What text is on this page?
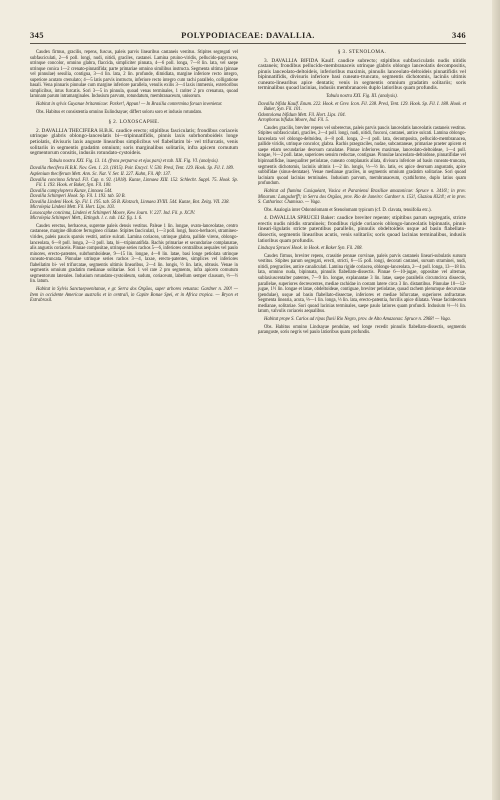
345	POLYPODIACEAE: DAVALLIA.	346

Caudex firmus, gracilis, repens, fuscus, paleis parvis linearibus castaneis vestitus. Stipites segregati vel subfasciculati, 2—6 poll. longi, nudi, nitidi, graciles, castanei. Lamina pruino-viridis, pellucido-papyracea, utrinque concolor, omnino glabra, flaccida, simpliciter pinnata, 4—6 poll. longa, 7—8 lin. lata, vel saepe utrinque conica 1—2 crenato-pinnatifida; parte primariae omnino similibus instructa. Segmenta ultima (pinnae vel pinnulae) sessilia, contigua, 3—4 lin. lata, 2 lin. profunde, dimidiata, margine inferiore recto integro, superiore acutato crenulato; 4—5 latis parvis instructo, inferiore recto integro cum rachi parallelo, colligatione basali. Vena pinnaris pinnulae cum margine inferiore parallela, venulis exilis 3—4 laxis immersis, exterioribus simplicibus, intus furcatis. Sori 3—5 in pinnula, quoad venas terminales, 1 rariter 2 pro crenatura, quoad laminam parum intramarginales. Indusium parvum, rotundatum, membranaceum, unisorum.

Habitat in sylvis Guyanae britannicae: Parker!, Appun! — In Brasilia conterminа forsan invenietur.

Obs. Habitus et consistentia omnino Eulindsayae; differt soloru soro et indusio rotundato.

§ 2. LOXOSCAPHE.

2. DAVALLIA THECIFERA H.B.K. caudice erecto; stipitibus fasciculatis; frondibus coriaceis utrinque glabris oblongo-lanceolatis bi—tripinnatifidis, pinnis laxis subrhomboideis longe petiolatis, divisuris laxis anguste linearibus simplicibus vel flabellatim bi- vel trifurcatis, venis solitariis in segmentis gradatim omnium; soris marginalibus solitariis, infra apicem cornutum segmentorum consitis, indusiis rotundato-cystoideis.

Tabula nostra XXI. Fig. 13. 14. (frons perparva et ejus pars) et tab. XII. Fig. VI. (analysis).

Davallia thecifera H.B.K. Nov. Gen. 1. 23. (1815). Poir. Encycl. V. 530. Presl, Tent. 129. Hook. Sp. Fil. I. 189.

Asplenium theciferum Mett. Ann. Sc. Nat. V. Ser. II. 227. Kuhn, Fil. Afr. 137.

Davallia concinna Schrad. Fil. Cap. n. 92. (1818). Kunze, Linnaea XIII. 152. Schlecht. Suppl. 75. Hook. Sp. Fil. I. 193. Hook. et Baker, Syn. Fil. 100.

Davallia campyloptera Kunze, Linnaea 544.

Davallia Schimperi Hook. Sp. Fil. I. 193. tab. 50 B.

Davallia Lindeni Hook. Sp. Fil. I. 195. tab. 56 B. Klotzsch, Linnaea XVIII. 544. Kunze, Bot. Zeitg. VII. 238.

Microlepia Lindeni Mett. Fil. Hort. Lips. 103.

Loxoscaphe concinna, Lindeni et Schimperi Moore, Kew Journ. V. 227. Ind. Fil. p. XCIV.

Microlepia Schimperi Mett., Ettingsh. l. c. tab. 142. fig. 1. 6.

Caudex erectus, herbaceus, supreme paleis densis vestitus. Paleae 1 lin. longae, ovato-lanceolatae, centro castaneae, margine dilutiore ferrugineo ciliatae. Stipites fasciculati, 1—3 poll. longi, fusco-herbacei, straminео-virides, paleis paucis sparsis vestiti, antice sulcati. Lamina coriacea, utrinque glabra, pallide virens, oblongo-lanceolata, 6—8 poll. longa, 2—3 poll. lata, bi—tripinnatifida. Rachis primariae et secundariae complanatae, alis angustis coriaceis. Pinnae compositae, utrinque series rachos 5—6, inferiores centralibus aequales vel paulo minores, erecto-patentes, subrhomboideae, 9—15 lin. longae, 4—8 lin. latae, basi longe petiolata utrinque cuneato-truncata. Pinnulae utrinque series rachos 3—4, laxae, erecto-patentes, simplices vel inferiores flabellatim bi- vel trifurcatae, segmentis ultimis linearibus, 2—4 lin. longis, ½ lin. latis, obtusis. Venae in segmentis omnium gradatim medianae solitariae. Sori 1 vel rare 2 pro segmento, infra apicem cornutum segmentorum laterales. Indusium rotundato-cystoideum, sudum, coriaceum, labellum semper clausum, ⅓—½ lin. latum.

Habitat in Sylvis Sanctaepoenitanae, e gr. Serra dos Orgãos, super arbores vetustas: Gardner n. 200! — Item in occidente Americae australis et in centrali, in Capite Bonae Spei, et in Africa tropica. — Bryon et Extrabrasil.

§ 3. STENOLOMA.

3. DAVALLIA BIFIDA Kaulf. caudice subrecto; stipitibus subfasciculatis nudis nitidis castaneis; frondibus pellucido-membranaceis utrinque glabris oblongo lanceolatis decompositis, pinnis lanceolato-deltoideis, inferioribus maximis, pinnulis lanceolato-deltoideis pinnatifidis vel bipinnatifidis, divisuris inferiore basi cuneato-truncato, segmentis dichotomis, laciniis ultimis cuneato-linearibus apice dentatis; venis in segmentis omnium gradatim solitariis; soris terminalibus quoad lacinias, indusiis membranaceis duplo latioribus quam profundis.

Tabula nostra XXI. Fig. III. (analysis).

Davallia bifida Kaulf. Enum. 222. Hook. et Grev. Icon. Fil. 238. Presl, Tent. 129. Hook. Sp. Fil. I. 188. Hook. et Baker, Syn. Fil. 101.

Odontoloma bifidum Mett. Fil. Hort. Lips. 104.

Acrophorus bifidus Moore, Ind. Fil. 5.

Caudex gracilis, breviter repens vel suberectus, paleis parvis paucis lanceolatis lanceolatis castaneis vestitus. Stipites subfasciculati, graciles, 2—4 poll. longi, nudi, nitidi, fusconi, castanei, antice sulcati. Lamina oblongo-lanceolata vel oblongo-deltoidea, 4—8 poll. longa, 2—4 poll. lata, decomposita, pellucido-membranacea, pallide viridis, utrinque concolor, glabra. Rachis praegraciles, nudae, subcastaneae, primariae praeter apicem et saepe etiam secundariae deorsum canalatae. Pinnae inferiores maximae, lanceolato-deltoideae, 1—4 poll. longae, ½—2 poll. latae, superiores sensim reductae, contiguae. Pinnulae lanceolato-deltoideae, pinnatifidae vel bipinnatifidae, inaequaliter petiolatae, cuneato complanatis aliata, divisura inferiore ad basin cuneato-truncata, segmentis dichotomis, laciniis ultimis 1—2 lin. longis, ⅓—½ lin. latis, ex apice deorsum angustatis, apice subbifidae (sinus-dentatae). Venae medianae graciles, in segmentis omnium gradatim solitariae. Sori quoad laciniam quoad lacinias terminales. Indusium parvum, membranaceum, cyathiforme, duplo latius quam profundum.

Habitat ad flumina Caxiquéant, Vasica et Paraniensi Brasiliae amazonicae: Spruce n. 3416!; in prov. Minarum: Langsdorff!; in Serra dos Orgãos, prov. Rio de Janeiro: Gardner n. 153!, Glaziou 8324!; et in prov. S. Catharina: Chamisso. — Vaga.

Obs. Analogia inter Odontolomam et Stenolomam typicum (cf. D. clavata, tenuifolia etc.).

4. DAVALLIA SPRUCEI Baker: caudice breviter repente; stipitibus parum segregatis, stricte erectis nudis nitidis stramineis; frondibus rigide coriaceis oblongo-lanceolatis bipinnatis, pinnis lineari-ligulatis stricte patentibus parallelis, pinnulis obdeltoideis usque ad basin flabellato-dissectis, segmentis linearibus acutis, venis solitariis; soris quoad lacinias terminalibus, indusiis latioribus quam profundis.

Lindsaya Sprucei Hook. in Hook. et Baker Syn. Fil. 208.

Caudex firmus, breviter repens, crassitie pennae corvinae, paleis parvis castaneis lineari-subulatis sursum vestitus. Stipites parum segregati, erecti, stricti, 6—15 poll. longi, decorati castanei, sursum straminei, nudi, nitidi, pregraciles, antice canaliculati. Lamina rigide coriacea, oblongo-lanceolata, 2—4 poll. longa, 13—18 lin. lata, omnino nuda, bipinnata, pinnulis flabellato-dissectis. Pinnae 6—10-jugae, oppositae vel alternae, sublaxiuscentalter patentes, 7—9 lin. longae, explanantae 3 lin. latae, saepe parallelis circumcirca dissectis, parallelae, superiores decrescentes, mediae rachidae in costam latere circa 3 lin. distantibus. Pinnulae 10—12-jugae, 1½ lin. longae et latae, obdeltoideae, contiguae, breviter petiolatae, quoad rachem plerumque decurvatae (pendulae), usque ad basin flabellato-dissectae, inferiores et mediae bifurcatae, superiores anfractatae. Segmenta linearia, acuta, ⅓—1 lin. longa, ⅓ lin. lata, erecto-patentia, forcilis apice dilatata. Venae facitdeorum medianae, solitariae. Sori quoad lacinias terminales, saepe paulo latiores quam profundi. Indusium ⅓—½ lin. latum, valvulis coriaceis aequalibus.

Habitat prope S. Carlos ad ripas fluvii Rio Negro, prov. de Alto Amazonas: Spruce n. 2968! — Vaga.

Obs. Habitus omnino Lindsayae pendulae, sed longe recedit pinnulis flabellato-dissectis, segmentis paranguste, soris negris vel paulo latioribus quam profundis.
